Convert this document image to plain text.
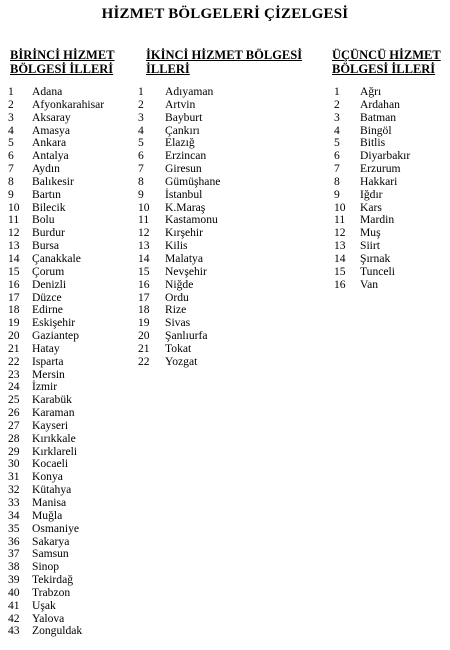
HİZMET BÖLGELERİ ÇİZELGESİ
BİRİNCİ HİZMET
BÖLGESİ İLLERİ
1 Adana
2 Afyonkarahisar
3 Aksaray
4 Amasya
5 Ankara
6 Antalya
7 Aydın
8 Balıkesir
9 Bartın
10 Bilecik
11 Bolu
12 Burdur
13 Bursa
14 Çanakkale
15 Çorum
16 Denizli
17 Düzce
18 Edirne
19 Eskişehir
20 Gaziantep
21 Hatay
22 Isparta
23 Mersin
24 İzmir
25 Karabük
26 Karaman
27 Kayseri
28 Kırıkkale
29 Kırklareli
30 Kocaeli
31 Konya
32 Kütahya
33 Manisa
34 Muğla
35 Osmaniye
36 Sakarya
37 Samsun
38 Sinop
39 Tekirdağ
40 Trabzon
41 Uşak
42 Yalova
43 Zonguldak
İKİNCİ HİZMET BÖLGESİ
İLLERİ
1 Adıyaman
2 Artvin
3 Bayburt
4 Çankırı
5 Elazığ
6 Erzincan
7 Giresun
8 Gümüşhane
9 İstanbul
10 K.Maraş
11 Kastamonu
12 Kırşehir
13 Kilis
14 Malatya
15 Nevşehir
16 Niğde
17 Ordu
18 Rize
19 Sivas
20 Şanlıurfa
21 Tokat
22 Yozgat
ÜÇÜNCÜ HİZMET
BÖLGESİ İLLERİ
1 Ağrı
2 Ardahan
3 Batman
4 Bingöl
5 Bitlis
6 Diyarbakır
7 Erzurum
8 Hakkari
9 Iğdır
10 Kars
11 Mardin
12 Muş
13 Siirt
14 Şırnak
15 Tunceli
16 Van
